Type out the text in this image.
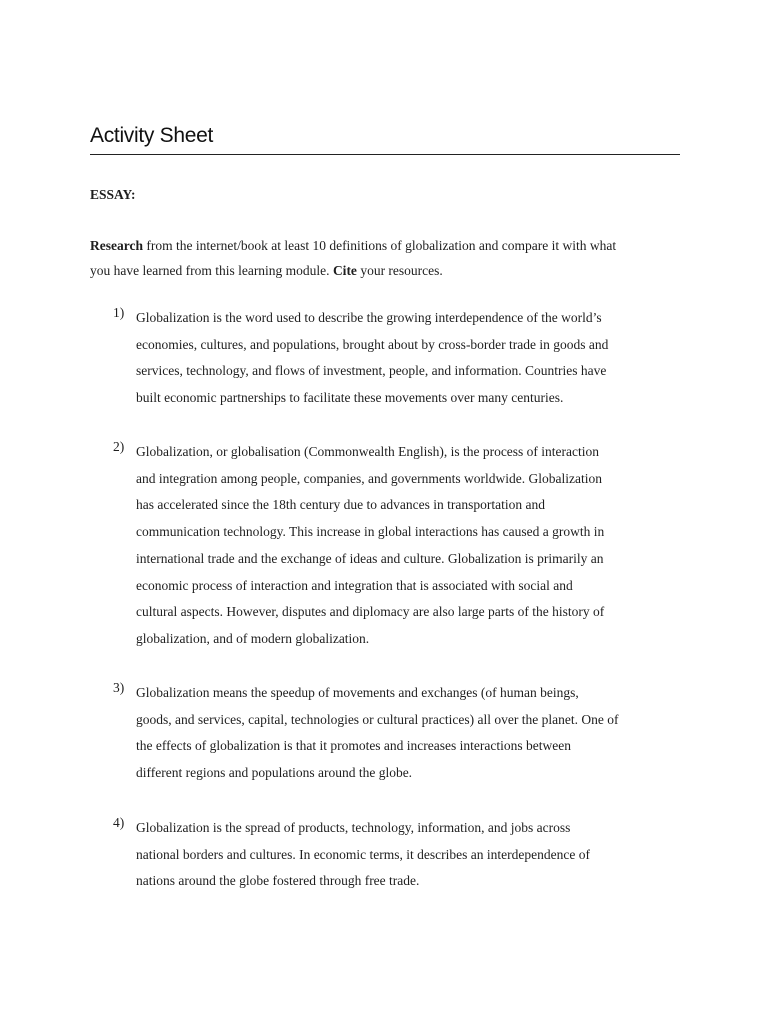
Activity Sheet
ESSAY:
Research from the internet/book at least 10 definitions of globalization and compare it with what
you have learned from this learning module. Cite your resources.
1) Globalization is the word used to describe the growing interdependence of the world’s
economies, cultures, and populations, brought about by cross-border trade in goods and
services, technology, and flows of investment, people, and information. Countries have
built economic partnerships to facilitate these movements over many centuries.
2) Globalization, or globalisation (Commonwealth English), is the process of interaction
and integration among people, companies, and governments worldwide. Globalization
has accelerated since the 18th century due to advances in transportation and
communication technology. This increase in global interactions has caused a growth in
international trade and the exchange of ideas and culture. Globalization is primarily an
economic process of interaction and integration that is associated with social and
cultural aspects. However, disputes and diplomacy are also large parts of the history of
globalization, and of modern globalization.
3) Globalization means the speedup of movements and exchanges (of human beings,
goods, and services, capital, technologies or cultural practices) all over the planet. One of
the effects of globalization is that it promotes and increases interactions between
different regions and populations around the globe.
4) Globalization is the spread of products, technology, information, and jobs across
national borders and cultures. In economic terms, it describes an interdependence of
nations around the globe fostered through free trade.
